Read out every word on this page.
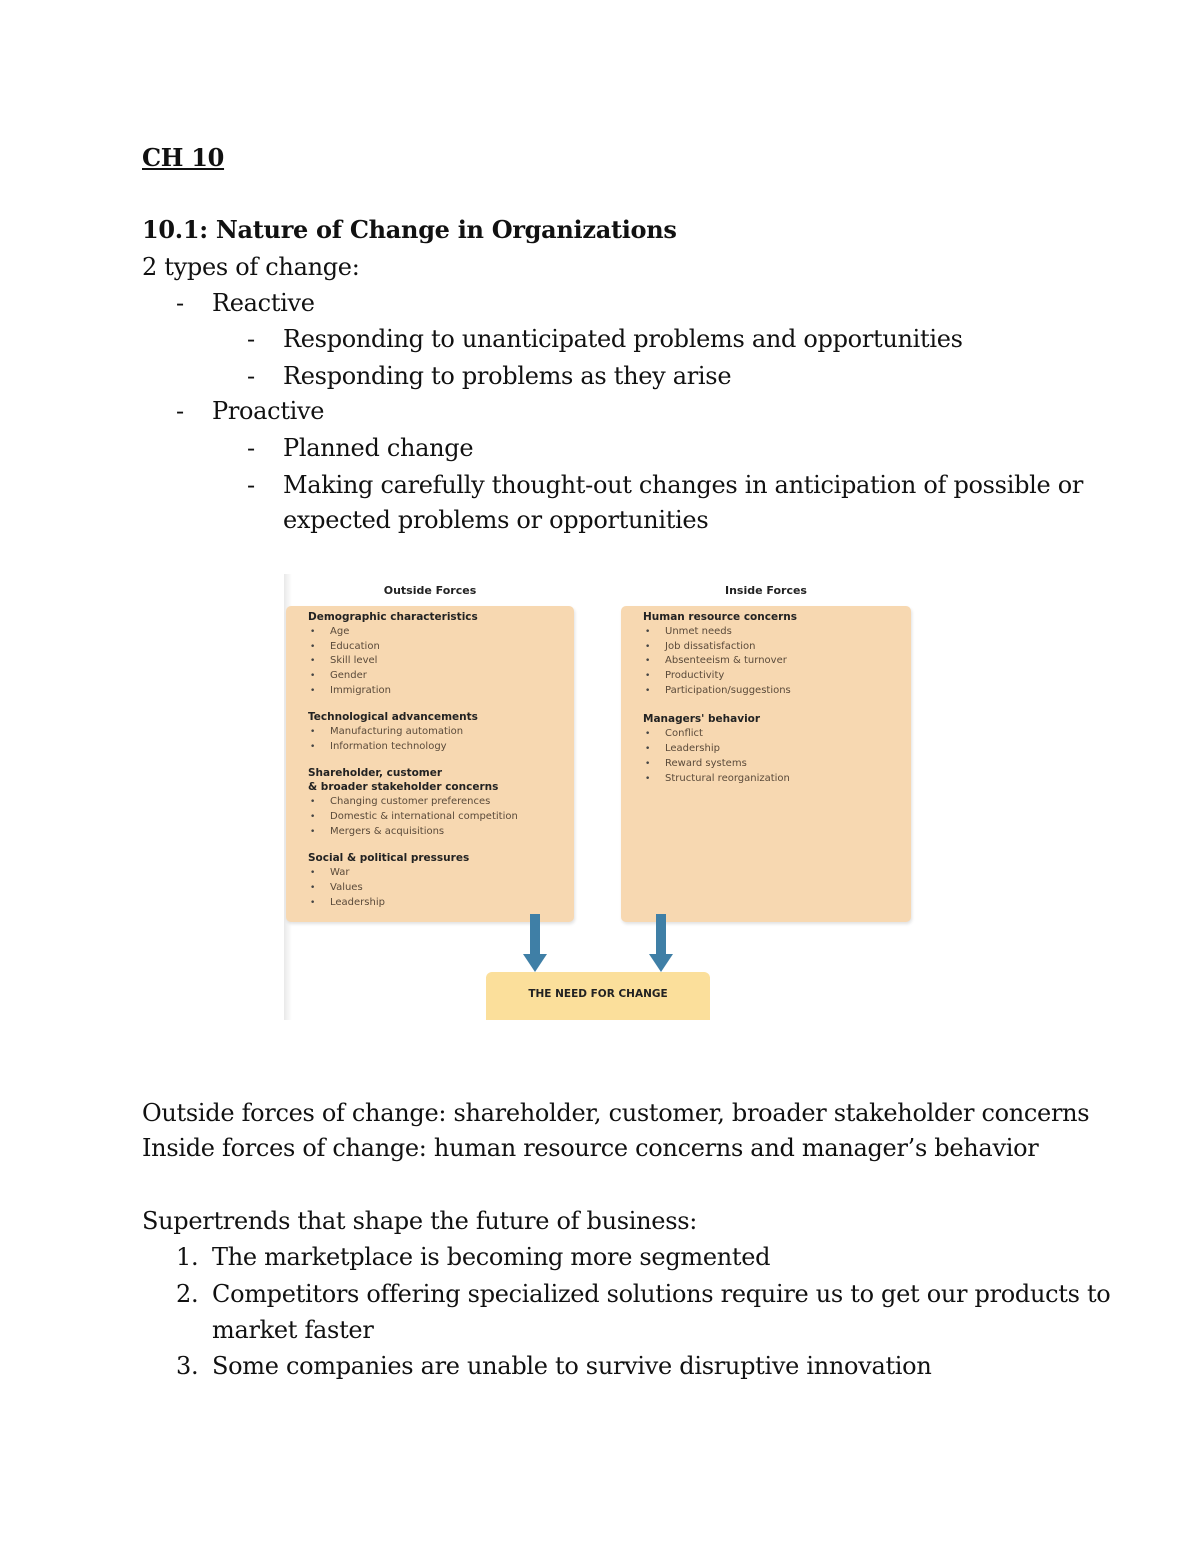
CH 10
10.1: Nature of Change in Organizations
2 types of change:
- Reactive
- Responding to unanticipated problems and opportunities
- Responding to problems as they arise
- Proactive
- Planned change
- Making carefully thought-out changes in anticipation of possible or
expected problems or opportunities
Outside Forces	Inside Forces
Demographic characteristics
• Age
• Education
• Skill level
• Gender
• Immigration
Technological advancements
• Manufacturing automation
• Information technology
Shareholder, customer
& broader stakeholder concerns
• Changing customer preferences
• Domestic & international competition
• Mergers & acquisitions
Social & political pressures
• War
• Values
• Leadership
Human resource concerns
• Unmet needs
• Job dissatisfaction
• Absenteeism & turnover
• Productivity
• Participation/suggestions
Managers' behavior
• Conflict
• Leadership
• Reward systems
• Structural reorganization
THE NEED FOR CHANGE
Outside forces of change: shareholder, customer, broader stakeholder concerns
Inside forces of change: human resource concerns and manager’s behavior
Supertrends that shape the future of business:
1. The marketplace is becoming more segmented
2. Competitors offering specialized solutions require us to get our products to
market faster
3. Some companies are unable to survive disruptive innovation
